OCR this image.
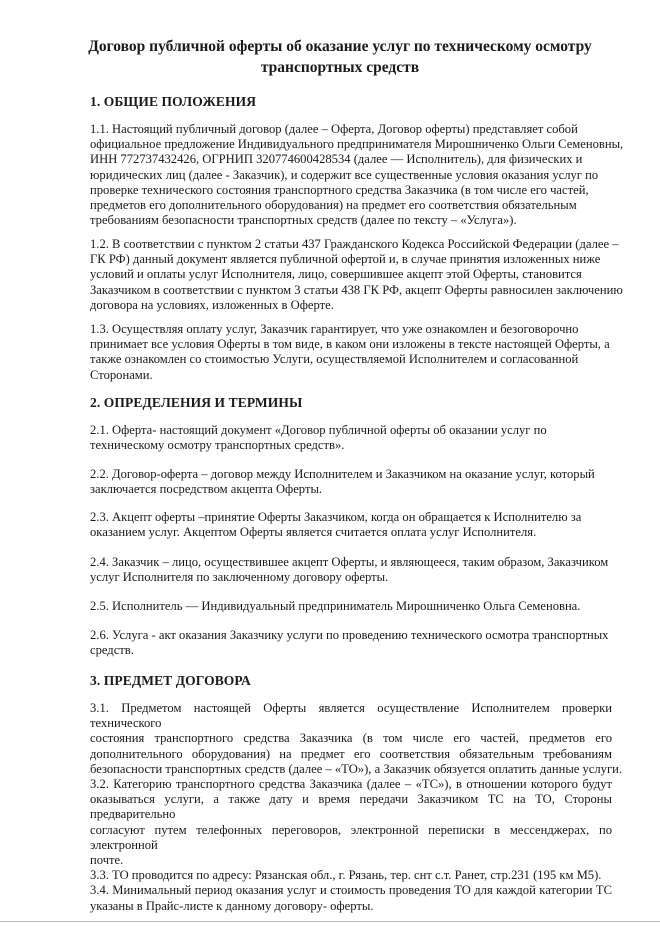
Договор публичной оферты об оказание услуг по техническому осмотру транспортных средств
1. ОБЩИЕ ПОЛОЖЕНИЯ

1.1. Настоящий публичный договор (далее – Оферта, Договор оферты) представляет собой
официальное предложение Индивидуального предпринимателя Мирошниченко Ольги Семеновны,
ИНН 772737432426, ОГРНИП 320774600428534 (далее — Исполнитель), для физических и
юридических лиц (далее - Заказчик), и содержит все существенные условия оказания услуг по
проверке технического состояния транспортного средства Заказчика (в том числе его частей,
предметов его дополнительного оборудования) на предмет его соответствия обязательным
требованиям безопасности транспортных средств (далее по тексту – «Услуга»).

1.2. В соответствии с пунктом 2 статьи 437 Гражданского Кодекса Российской Федерации (далее –
ГК РФ) данный документ является публичной офертой и, в случае принятия изложенных ниже
условий и оплаты услуг Исполнителя, лицо, совершившее акцепт этой Оферты, становится
Заказчиком в соответствии с пунктом 3 статьи 438 ГК РФ, акцепт Оферты равносилен заключению
договора на условиях, изложенных в Оферте.

1.3. Осуществляя оплату услуг, Заказчик гарантирует, что уже ознакомлен и безоговорочно
принимает все условия Оферты в том виде, в каком они изложены в тексте настоящей Оферты, а
также ознакомлен со стоимостью Услуги, осуществляемой Исполнителем и согласованной
Сторонами.

2. ОПРЕДЕЛЕНИЯ И ТЕРМИНЫ

2.1. Оферта- настоящий документ «Договор публичной оферты об оказании услуг по
техническому осмотру транспортных средств».

2.2. Договор-оферта – договор между Исполнителем и Заказчиком на оказание услуг, который
заключается посредством акцепта Оферты.

2.3. Акцепт оферты –принятие Оферты Заказчиком, когда он обращается к Исполнителю за
оказанием услуг. Акцептом Оферты является считается оплата услуг Исполнителя.

2.4. Заказчик – лицо, осуществившее акцепт Оферты, и являющееся, таким образом, Заказчиком
услуг Исполнителя по заключенному договору оферты.

2.5. Исполнитель — Индивидуальный предприниматель Мирошниченко Ольга Семеновна.

2.6. Услуга - акт оказания Заказчику услуги по проведению технического осмотра транспортных
средств.

3. ПРЕДМЕТ ДОГОВОРА

3.1. Предметом настоящей Оферты является осуществление Исполнителем проверки технического
состояния транспортного средства Заказчика (в том числе его частей, предметов его
дополнительного оборудования) на предмет его соответствия обязательным требованиям
безопасности транспортных средств (далее – «ТО»), а Заказчик обязуется оплатить данные услуги.
3.2. Категорию транспортного средства Заказчика (далее – «ТС»), в отношении которого будут
оказываться услуги, а также дату и время передачи Заказчиком ТС на ТО, Стороны предварительно
согласуют путем телефонных переговоров, электронной переписки в мессенджерах, по электронной
почте.
3.3. ТО проводится по адресу: Рязанская обл., г. Рязань, тер. снт с.т. Ранет, стр.231 (195 км М5).
3.4. Минимальный период оказания услуг и стоимость проведения ТО для каждой категории ТС
указаны в Прайс-листе к данному договору- оферты.
